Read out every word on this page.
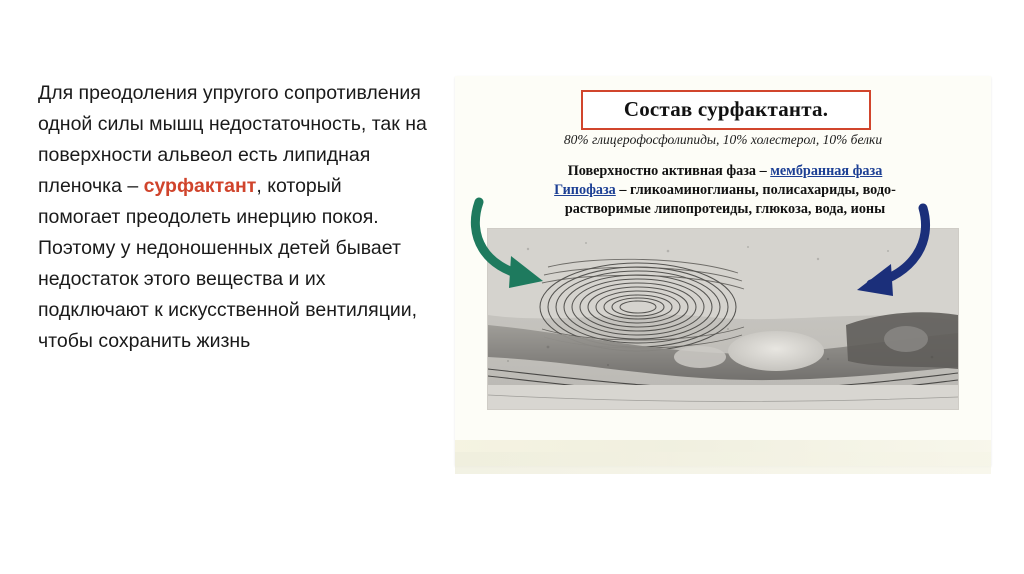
Для преодоления упругого сопротивления одной силы мышц недостаточность, так на поверхности альвеол есть липидная пленочка – сурфактант, который помогает преодолеть инерцию покоя.

Поэтому у недоношенных детей бывает недостаток этого вещества и их подключают к искусственной вентиляции, чтобы сохранить жизнь

Состав сурфактанта.
80% глицерофосфолипиды, 10% холестерол, 10% белки
Поверхностно активная фаза – мембранная фаза
Гипофаза – гликоаминоглианы, полисахариды, водо-
растворимые липопротеиды, глюкоза, вода, ионы
